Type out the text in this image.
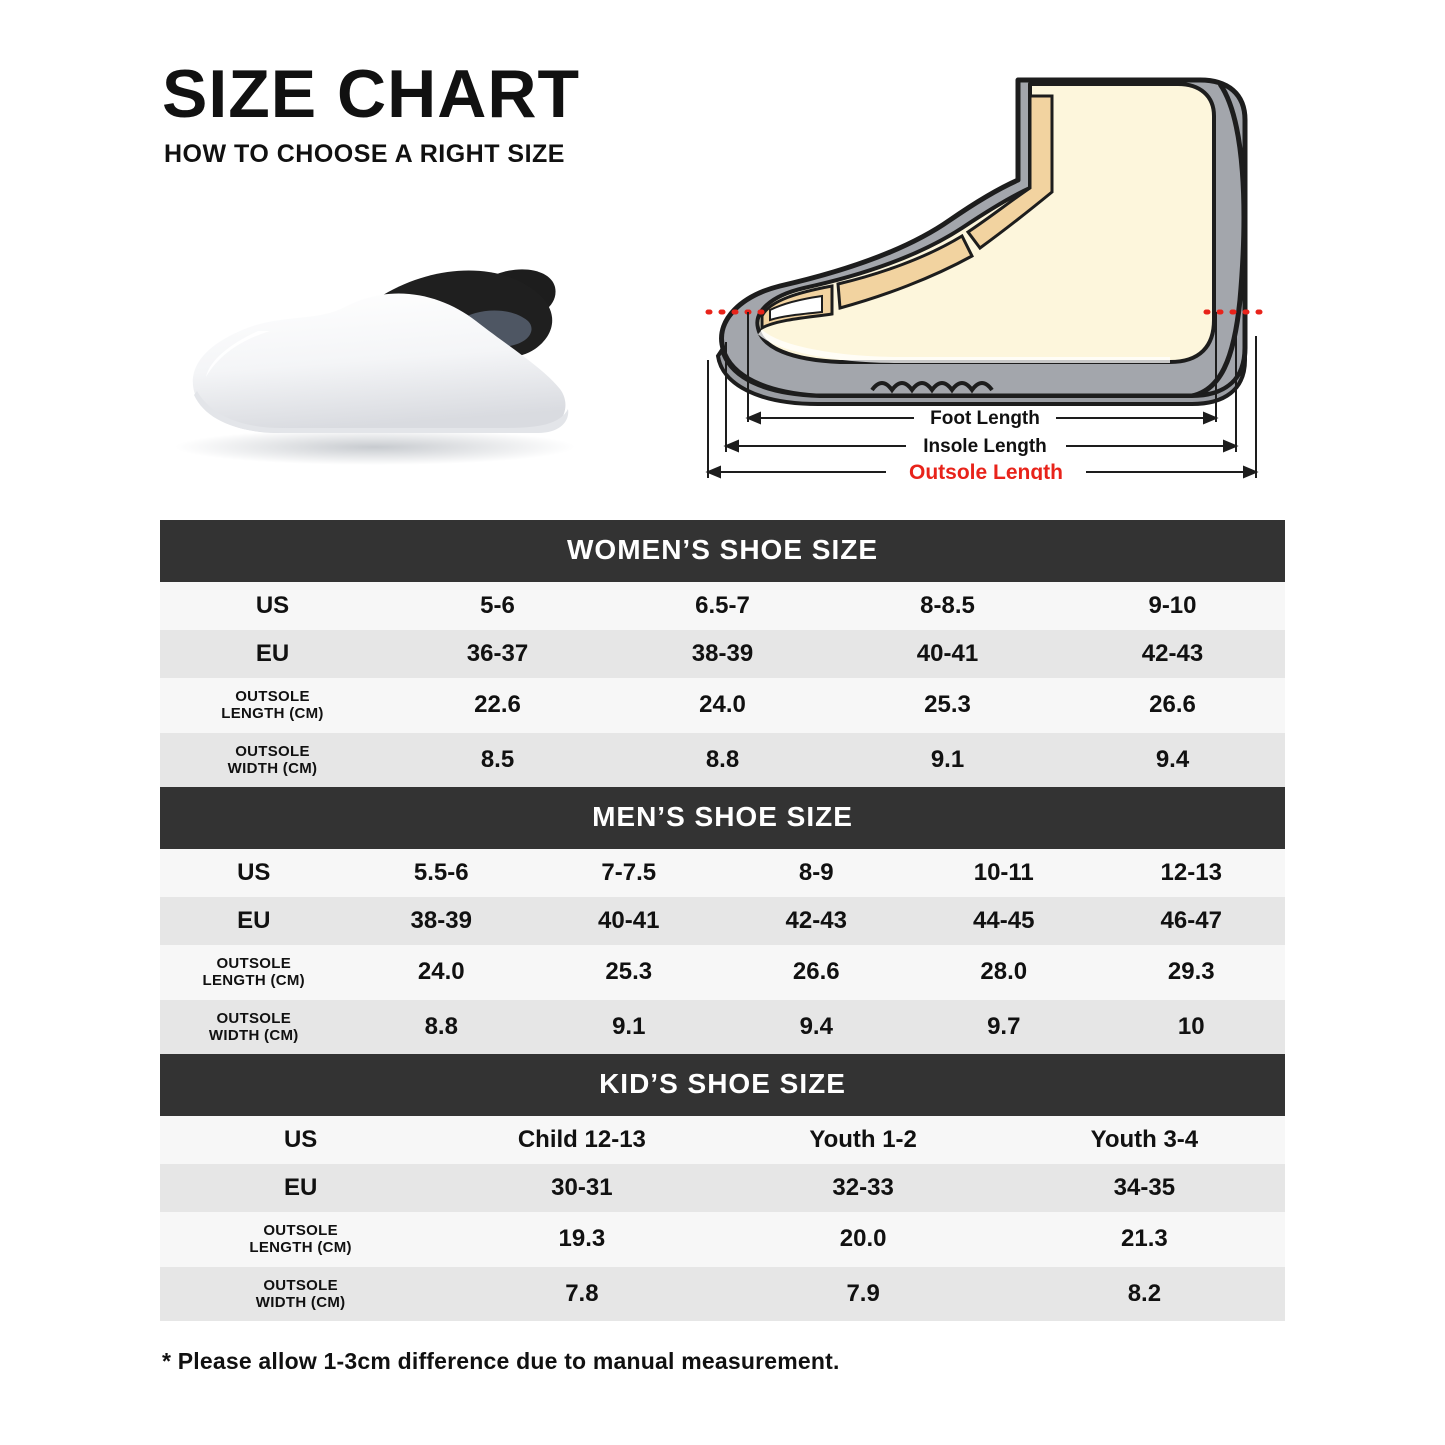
SIZE CHART
HOW TO CHOOSE A RIGHT SIZE
Foot Length
Insole Length
Outsole Length
WOMEN’S SHOE SIZE				
US	5-6	6.5-7	8-8.5	9-10
EU	36-37	38-39	40-41	42-43

OUTSOLE
LENGTH (CM)	22.6	24.0	25.3	26.6

OUTSOLE
WIDTH (CM)	8.5	8.8	9.1	9.4
MEN’S SHOE SIZE					
US	5.5-6	7-7.5	8-9	10-11	12-13
EU	38-39	40-41	42-43	44-45	46-47

OUTSOLE
LENGTH (CM)	24.0	25.3	26.6	28.0	29.3

OUTSOLE
WIDTH (CM)	8.8	9.1	9.4	9.7	10
KID’S SHOE SIZE			
US	Child 12-13	Youth 1-2	Youth 3-4
EU	30-31	32-33	34-35

OUTSOLE
LENGTH (CM)	19.3	20.0	21.3

OUTSOLE
WIDTH (CM)	7.8	7.9	8.2
* Please allow 1-3cm difference due to manual measurement.
